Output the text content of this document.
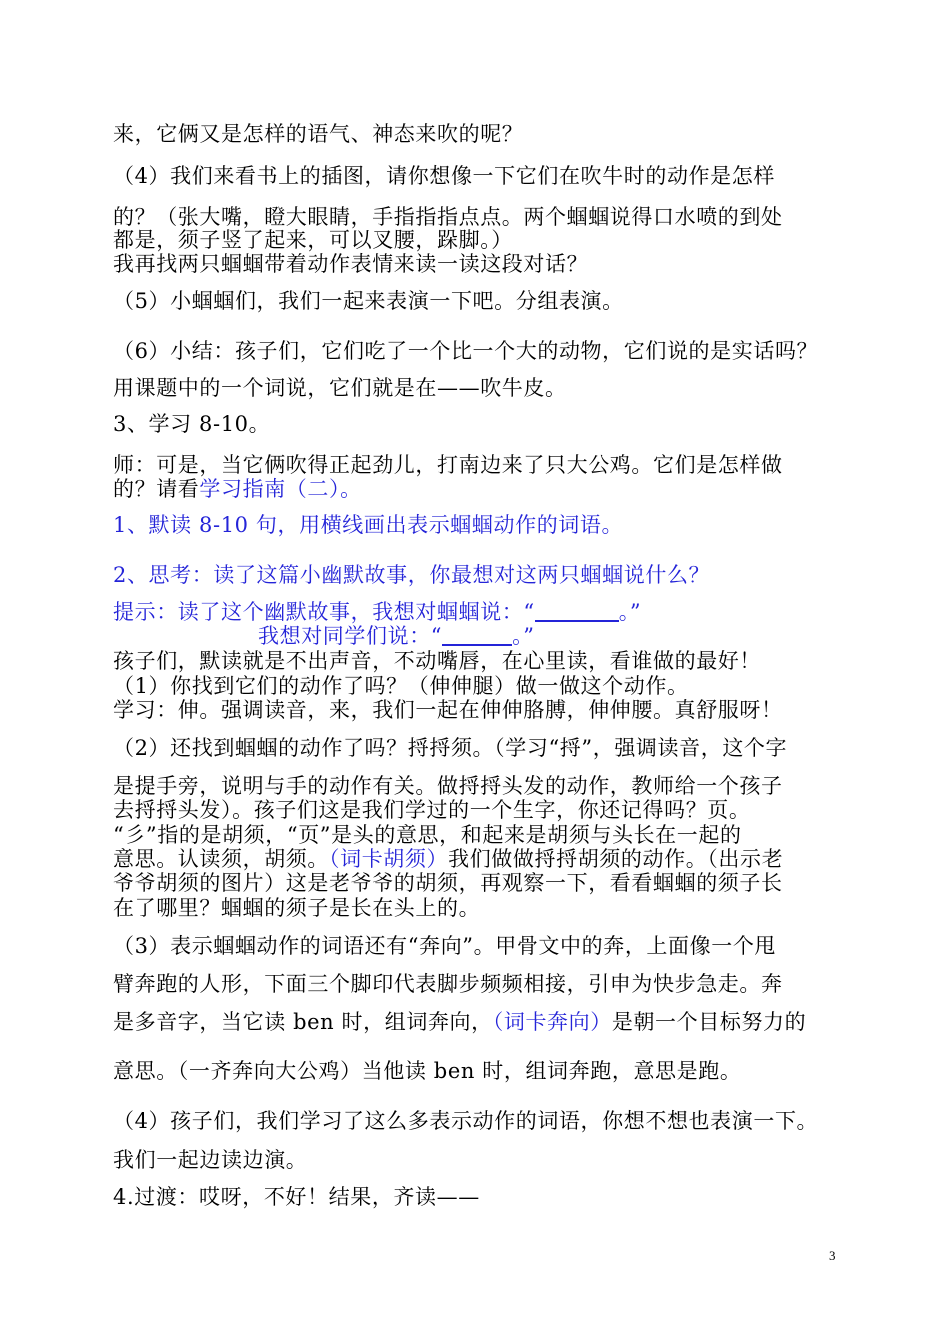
来，它俩又是怎样的语气、神态来吹的呢？
（4）我们来看书上的插图，请你想像一下它们在吹牛时的动作是怎样
的？（张大嘴，瞪大眼睛，手指指指点点。两个蝈蝈说得口水喷的到处
都是，须子竖了起来，可以叉腰，跺脚。）
我再找两只蝈蝈带着动作表情来读一读这段对话？
（5）小蝈蝈们，我们一起来表演一下吧。分组表演。
（6）小结：孩子们，它们吃了一个比一个大的动物，它们说的是实话吗？
用课题中的一个词说，它们就是在——吹牛皮。
3、学习 8-10。
师：可是，当它俩吹得正起劲儿，打南边来了只大公鸡。它们是怎样做
的？请看学习指南（二）。
1、默读 8-10 句，用横线画出表示蝈蝈动作的词语。
2、思考：读了这篇小幽默故事，你最想对这两只蝈蝈说什么？
提示：读了这个幽默故事，我想对蝈蝈说：“	。”
我想对同学们说：“	。”
孩子们，默读就是不出声音，不动嘴唇，在心里读，看谁做的最好！
（1）你找到它们的动作了吗？（伸伸腿）做一做这个动作。
学习：伸。强调读音，来，我们一起在伸伸胳膊，伸伸腰。真舒服呀！
（2）还找到蝈蝈的动作了吗？捋捋须。（学习“捋”，强调读音，这个字
是提手旁，说明与手的动作有关。做捋捋头发的动作，教师给一个孩子
去捋捋头发）。孩子们这是我们学过的一个生字，你还记得吗？页。
“彡”指的是胡须，“页”是头的意思，和起来是胡须与头长在一起的
意思。认读须，胡须。（词卡胡须）我们做做捋捋胡须的动作。（出示老
爷爷胡须的图片）这是老爷爷的胡须，再观察一下，看看蝈蝈的须子长
在了哪里？蝈蝈的须子是长在头上的。
（3）表示蝈蝈动作的词语还有“奔向”。甲骨文中的奔，上面像一个甩
臂奔跑的人形，下面三个脚印代表脚步频频相接，引申为快步急走。奔
是多音字，当它读 ben 时，组词奔向，（词卡奔向）是朝一个目标努力的
意思。（一齐奔向大公鸡）当他读 ben 时，组词奔跑，意思是跑。
（4）孩子们，我们学习了这么多表示动作的词语，你想不想也表演一下。
我们一起边读边演。
4.过渡：哎呀，不好！结果，齐读——
3
